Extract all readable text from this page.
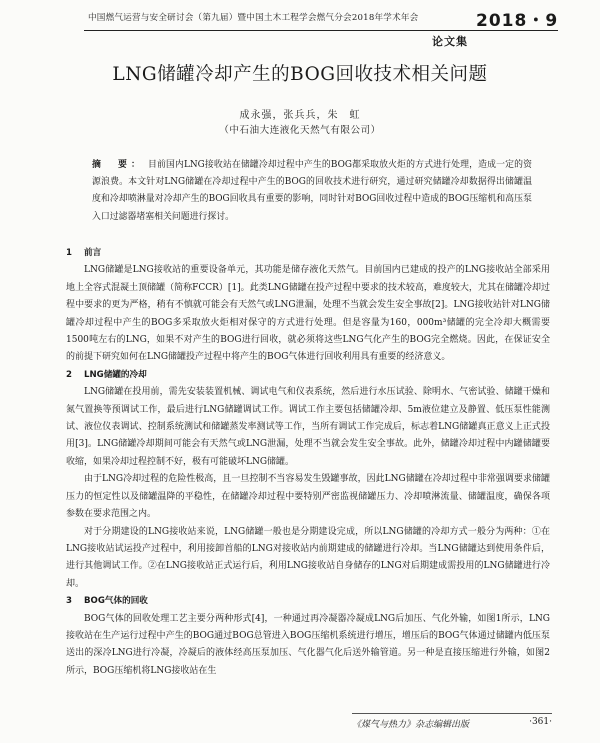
中国燃气运营与安全研讨会（第九届）暨中国土木工程学会燃气分会2018年学术年会	2018・9
论文集
LNG储罐冷却产生的BOG回收技术相关问题
成永强，张兵兵，朱　虹
（中石油大连液化天然气有限公司）
摘　要： 目前国内LNG接收站在储罐冷却过程中产生的BOG都采取放火炬的方式进行处理，造成一定的资源浪费。本文针对LNG储罐在冷却过程中产生的BOG的回收技术进行研究，通过研究储罐冷却数据得出储罐温度和冷却喷淋量对冷却产生的BOG回收具有重要的影响，同时针对BOG回收过程中造成的BOG压缩机和高压泵入口过滤器堵塞相关问题进行探讨。
1 前言

LNG储罐是LNG接收站的重要设备单元，其功能是储存液化天然气。目前国内已建成的投产的LNG接收站全部采用地上全容式混凝土顶储罐（简称FCCR）[1]。此类LNG储罐在投产过程中要求的技术较高，难度较大，尤其在储罐冷却过程中要求的更为严格，稍有不慎就可能会有天然气或LNG泄漏，处理不当就会发生安全事故[2]。LNG接收站针对LNG储罐冷却过程中产生的BOG多采取放火炬相对保守的方式进行处理。但是容量为160，000m³储罐的完全冷却大概需要1500吨左右的LNG，如果不对产生的BOG进行回收，就必须将这些LNG气化产生的BOG完全燃烧。因此，在保证安全的前提下研究如何在LNG储罐投产过程中将产生的BOG气体进行回收利用具有重要的经济意义。

2 LNG储罐的冷却

LNG储罐在投用前，需先安装装置机械、调试电气和仪表系统，然后进行水压试验、除明水、气密试验、储罐干燥和氮气置换等预调试工作，最后进行LNG储罐调试工作。调试工作主要包括储罐冷却、5m液位建立及静置、低压泵性能测试、液位仪表调试、控制系统测试和储罐蒸发率测试等工作，当所有调试工作完成后，标志着LNG储罐真正意义上正式投用[3]。LNG储罐冷却期间可能会有天然气或LNG泄漏，处理不当就会发生安全事故。此外，储罐冷却过程中内罐储罐要收缩，如果冷却过程控制不好，极有可能破坏LNG储罐。

由于LNG冷却过程的危险性极高，且一旦控制不当容易发生毁罐事故，因此LNG储罐在冷却过程中非常强调要求储罐压力的恒定性以及储罐温降的平稳性，在储罐冷却过程中要特别严密监视储罐压力、冷却喷淋流量、储罐温度，确保各项参数在要求范围之内。

对于分期建设的LNG接收站来说，LNG储罐一般也是分期建设完成，所以LNG储罐的冷却方式一般分为两种：①在LNG接收站试运投产过程中，利用接卸首船的LNG对接收站内前期建成的储罐进行冷却。当LNG储罐达到使用条件后，进行其他调试工作。②在LNG接收站正式运行后，利用LNG接收站自身储存的LNG对后期建成需投用的LNG储罐进行冷却。

3 BOG气体的回收

BOG气体的回收处理工艺主要分两种形式[4]，一种通过再冷凝器冷凝成LNG后加压、气化外输，如图1所示，LNG接收站在生产运行过程中产生的BOG通过BOG总管进入BOG压缩机系统进行增压，增压后的BOG气体通过储罐内低压泵送出的深冷LNG进行冷凝，冷凝后的液体经高压泵加压、气化器气化后送外输管道。另一种是直接压缩进行外输，如图2所示，BOG压缩机将LNG接收站在生

《煤气与热力》杂志编辑出版	·361·
